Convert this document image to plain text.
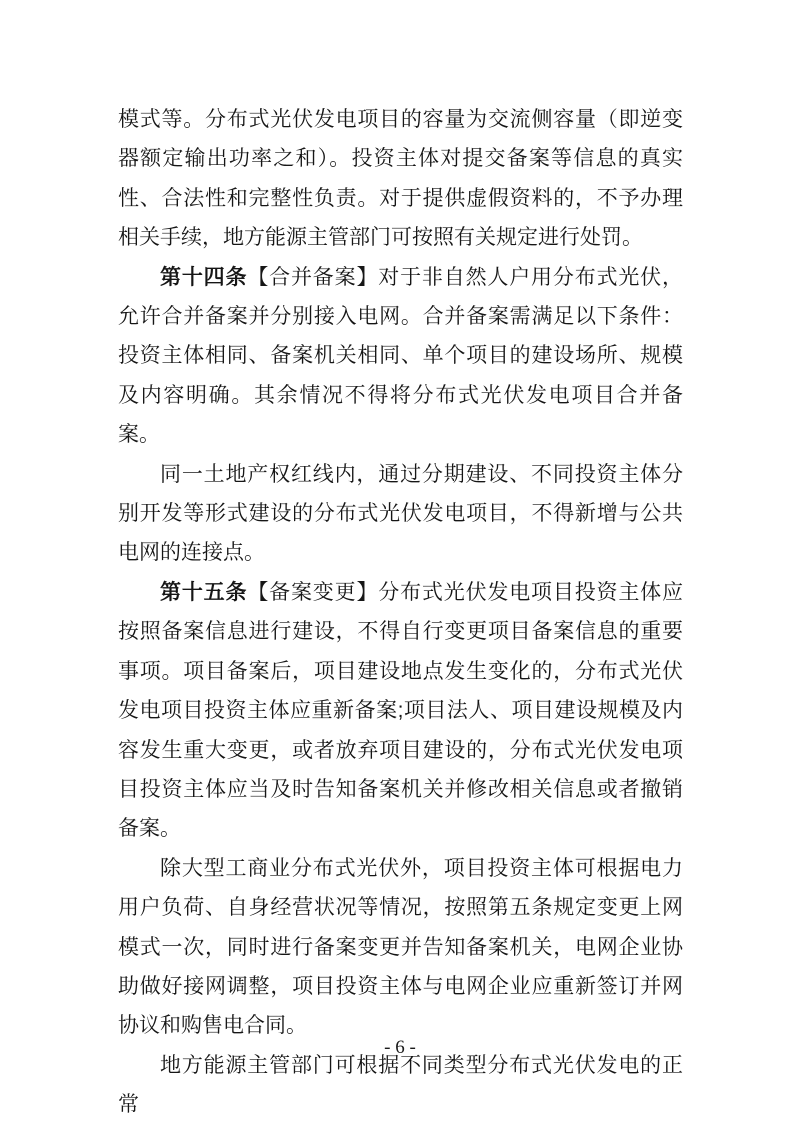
模式等。分布式光伏发电项目的容量为交流侧容量（即逆变器额定输出功率之和）。投资主体对提交备案等信息的真实性、合法性和完整性负责。对于提供虚假资料的，不予办理相关手续，地方能源主管部门可按照有关规定进行处罚。

第十四条【合并备案】对于非自然人户用分布式光伏，允许合并备案并分别接入电网。合并备案需满足以下条件：投资主体相同、备案机关相同、单个项目的建设场所、规模及内容明确。其余情况不得将分布式光伏发电项目合并备案。

同一土地产权红线内，通过分期建设、不同投资主体分别开发等形式建设的分布式光伏发电项目，不得新增与公共电网的连接点。

第十五条【备案变更】分布式光伏发电项目投资主体应按照备案信息进行建设，不得自行变更项目备案信息的重要事项。项目备案后，项目建设地点发生变化的，分布式光伏发电项目投资主体应重新备案;项目法人、项目建设规模及内容发生重大变更，或者放弃项目建设的，分布式光伏发电项目投资主体应当及时告知备案机关并修改相关信息或者撤销备案。

除大型工商业分布式光伏外，项目投资主体可根据电力用户负荷、自身经营状况等情况，按照第五条规定变更上网模式一次，同时进行备案变更并告知备案机关，电网企业协助做好接网调整，项目投资主体与电网企业应重新签订并网协议和购售电合同。

地方能源主管部门可根据不同类型分布式光伏发电的正常

- 6 -
